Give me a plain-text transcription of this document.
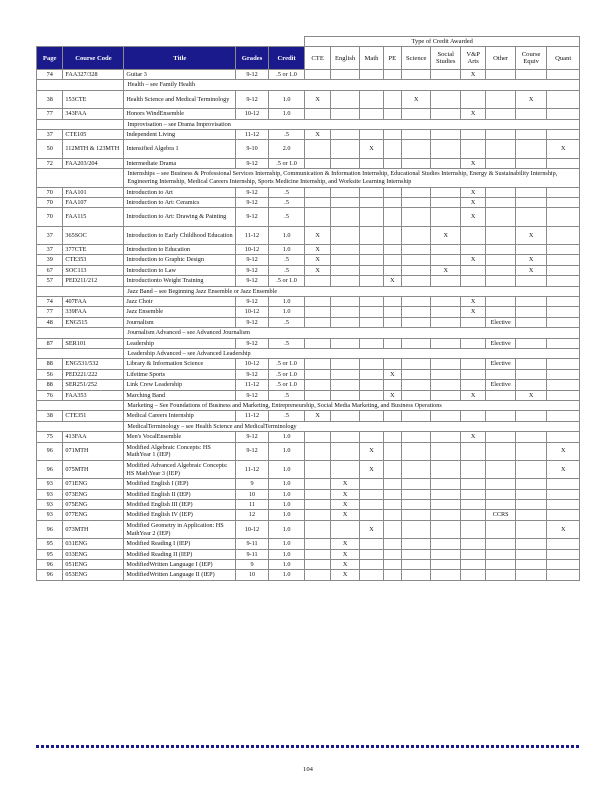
					Type of Credit Awarded									
Page	Course Code	Title	Grades	Credit	CTE	English	Math	PE	Science	Social Studies	V&P Arts	Other	Course Equiv	Quant
74	FAA327/328	Guitar 3	9-12	.5 or 1.0							X			
		Health – see Family Health												
38	153CTE	Health Science and Medical Terminology	9-12	1.0	X				X				X	
77	343FAA	Honors WindEnsemble	10-12	1.0							X			
		Improvisation – see Drama Improvisation												
37	CTE105	Independent Living	11-12	.5	X									
50	112MTH & 123MTH	Intensified Algebra 1	9-10	2.0			X							X
72	FAA203/204	Intermediate Drama	9-12	.5 or 1.0							X			
		Internships – see Business & Professional Services Internship, Communication & Information Internship, Educational Studies Internship, Energy & Sustainability Internship, Engineering Internship, Medical Careers Internship, Sports Medicine Internship, and Worksite Learning Internship												
70	FAA101	Introduction to Art	9-12	.5							X			
70	FAA107	Introduction to Art: Ceramics	9-12	.5							X			
70	FAA115	Introduction to Art: Drawing & Painting	9-12	.5							X			
37	365SOC	Introduction to Early Childhood Education	11-12	1.0	X					X			X	
37	377CTE	Introduction to Education	10-12	1.0	X									
39	CTE353	Introduction to Graphic Design	9-12	.5	X						X		X	
67	SOC113	Introduction to Law	9-12	.5	X					X			X	
57	PED211/212	Introductionto Weight Training	9-12	.5 or 1.0				X						
		Jazz Band – see Beginning Jazz Ensemble or Jazz Ensemble												
74	407FAA	Jazz Choir	9-12	1.0							X			
77	339FAA	Jazz Ensemble	10-12	1.0							X			
48	ENG515	Journalism	9-12	.5								Elective		
		Journalism Advanced – see Advanced Journalism												
87	SER101	Leadership	9-12	.5								Elective		
		Leadership Advanced – see Advanced Leadership												
88	ENG531/532	Library & Information Science	10-12	.5 or 1.0								Elective		
56	PED221/222	Lifetime Sports	9-12	.5 or 1.0				X						
88	SER251/252	Link Crew Leadership	11-12	.5 or 1.0								Elective		
76	FAA353	Marching Band	9-12	.5				X			X		X	
		Marketing – See Foundations of Business and Marketing, Entrepreneurship, Social Media Marketing, and Business Operations												
38	CTE351	Medical Careers Internship	11-12	.5	X									
		MedicalTerminology – see Health Science and MedicalTerminology												
75	413FAA	Men's VocalEnsemble	9-12	1.0							X			
96	071MTH	Modified Algebraic Concepts: HS MathYear 1 (IEP)	9-12	1.0			X							X
96	075MTH	Modified Advanced Algebraic Concepts: HS MathYear 3 (IEP)	11-12	1.0			X							X
93	071ENG	Modified English I (IEP)	9	1.0		X								
93	073ENG	Modified English II (IEP)	10	1.0		X								
93	075ENG	Modified English III (IEP)	11	1.0		X								
93	077ENG	Modified English IV (IEP)	12	1.0		X						CCRS		
96	073MTH	Modified Geometry in Application: HS MathYear 2 (IEP)	10-12	1.0			X							X
95	031ENG	Modified Reading I (IEP)	9-11	1.0		X								
95	033ENG	Modified Reading II (IEP)	9-11	1.0		X								
96	051ENG	ModifiedWritten Language I (IEP)	9	1.0		X								
96	053ENG	ModifiedWritten Language II (IEP)	10	1.0		X								
104
